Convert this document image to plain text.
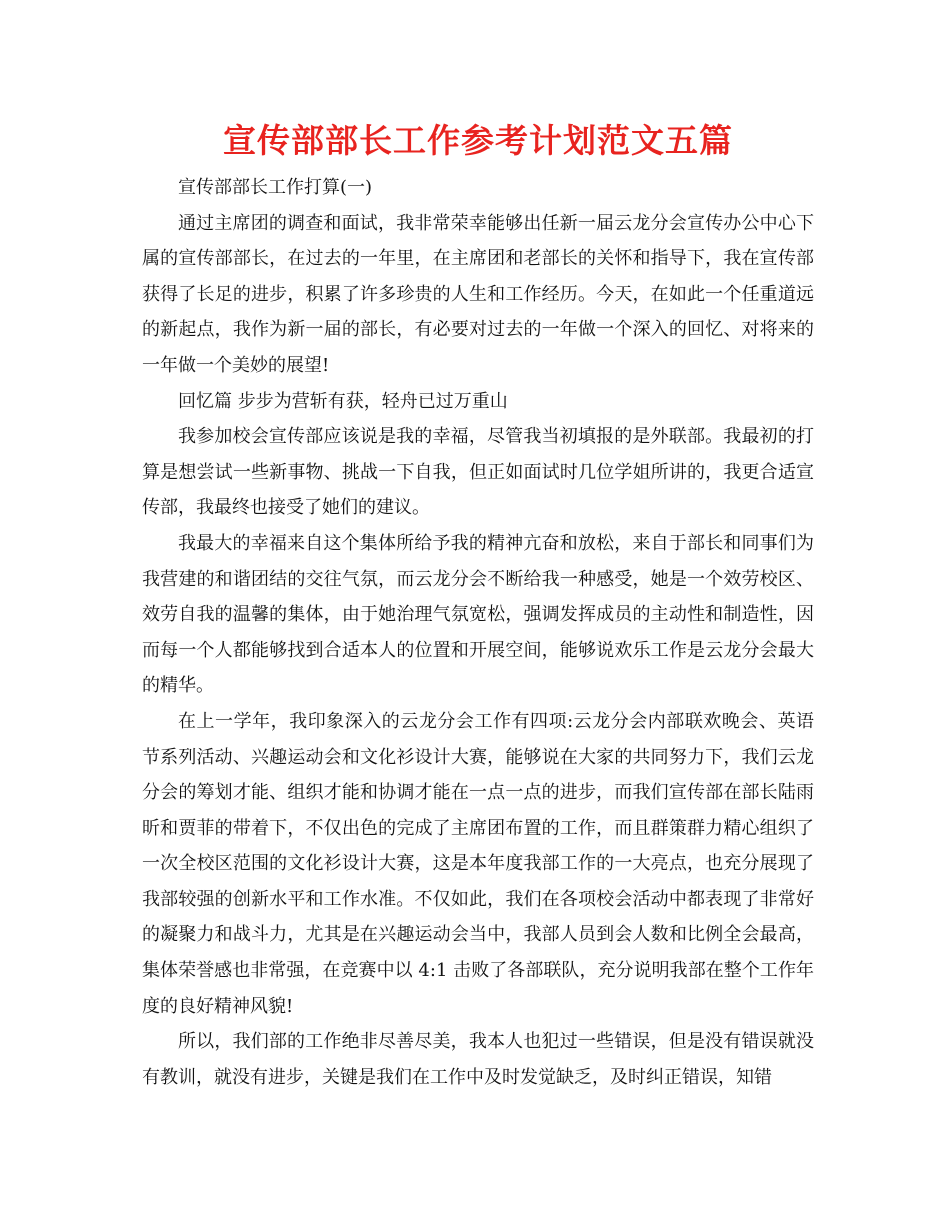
宣传部部长工作参考计划范文五篇

宣传部部长工作打算(一)

通过主席团的调查和面试，我非常荣幸能够出任新一届云龙分会宣传办公中心下属的宣传部部长，在过去的一年里，在主席团和老部长的关怀和指导下，我在宣传部获得了长足的进步，积累了许多珍贵的人生和工作经历。今天，在如此一个任重道远的新起点，我作为新一届的部长，有必要对过去的一年做一个深入的回忆、对将来的一年做一个美妙的展望!

回忆篇 步步为营斩有获，轻舟已过万重山

我参加校会宣传部应该说是我的幸福，尽管我当初填报的是外联部。我最初的打算是想尝试一些新事物、挑战一下自我，但正如面试时几位学姐所讲的，我更合适宣传部，我最终也接受了她们的建议。

我最大的幸福来自这个集体所给予我的精神亢奋和放松，来自于部长和同事们为我营建的和谐团结的交往气氛，而云龙分会不断给我一种感受，她是一个效劳校区、效劳自我的温馨的集体，由于她治理气氛宽松，强调发挥成员的主动性和制造性，因而每一个人都能够找到合适本人的位置和开展空间，能够说欢乐工作是云龙分会最大的精华。

在上一学年，我印象深入的云龙分会工作有四项:云龙分会内部联欢晚会、英语节系列活动、兴趣运动会和文化衫设计大赛，能够说在大家的共同努力下，我们云龙分会的筹划才能、组织才能和协调才能在一点一点的进步，而我们宣传部在部长陆雨昕和贾菲的带着下，不仅出色的完成了主席团布置的工作，而且群策群力精心组织了一次全校区范围的文化衫设计大赛，这是本年度我部工作的一大亮点，也充分展现了我部较强的创新水平和工作水准。不仅如此，我们在各项校会活动中都表现了非常好的凝聚力和战斗力，尤其是在兴趣运动会当中，我部人员到会人数和比例全会最高，集体荣誉感也非常强，在竞赛中以 4:1 击败了各部联队，充分说明我部在整个工作年度的良好精神风貌!

所以，我们部的工作绝非尽善尽美，我本人也犯过一些错误，但是没有错误就没有教训，就没有进步，关键是我们在工作中及时发觉缺乏，及时纠正错误，知错
